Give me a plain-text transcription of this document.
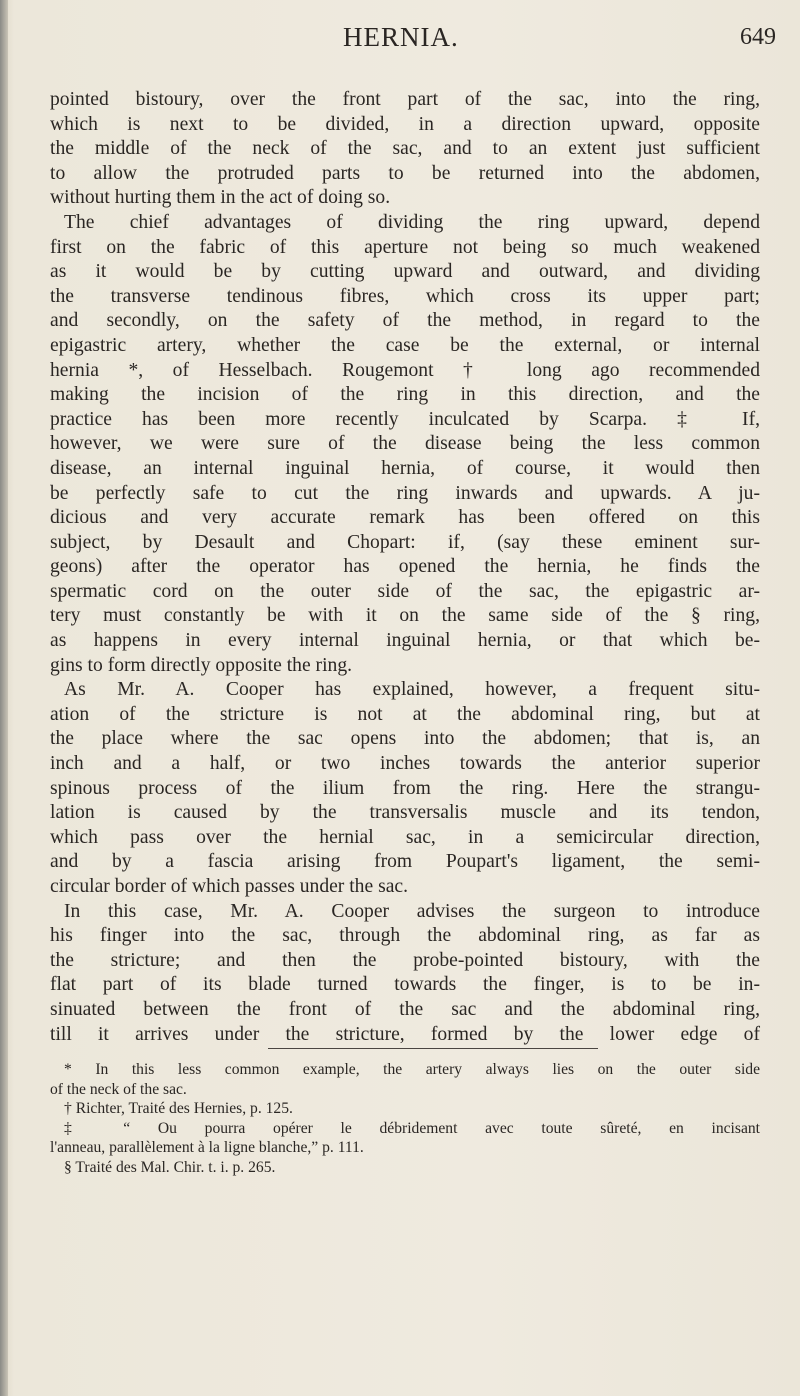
HERNIA.	649
pointed bistoury, over the front part of the sac, into the ring,
which is next to be divided, in a direction upward, opposite
the middle of the neck of the sac, and to an extent just sufficient
to allow the protruded parts to be returned into the abdomen,
without hurting them in the act of doing so.
The chief advantages of dividing the ring upward, depend
first on the fabric of this aperture not being so much weakened
as it would be by cutting upward and outward, and dividing
the transverse tendinous fibres, which cross its upper part;
and secondly, on the safety of the method, in regard to the
epigastric artery, whether the case be the external, or internal
hernia *, of Hesselbach. Rougemont † long ago recommended
making the incision of the ring in this direction, and the
practice has been more recently inculcated by Scarpa. ‡ If,
however, we were sure of the disease being the less common
disease, an internal inguinal hernia, of course, it would then
be perfectly safe to cut the ring inwards and upwards. A ju-
dicious and very accurate remark has been offered on this
subject, by Desault and Chopart: if, (say these eminent sur-
geons) after the operator has opened the hernia, he finds the
spermatic cord on the outer side of the sac, the epigastric ar-
tery must constantly be with it on the same side of the § ring,
as happens in every internal inguinal hernia, or that which be-
gins to form directly opposite the ring.
As Mr. A. Cooper has explained, however, a frequent situ-
ation of the stricture is not at the abdominal ring, but at
the place where the sac opens into the abdomen; that is, an
inch and a half, or two inches towards the anterior superior
spinous process of the ilium from the ring. Here the strangu-
lation is caused by the transversalis muscle and its tendon,
which pass over the hernial sac, in a semicircular direction,
and by a fascia arising from Poupart's ligament, the semi-
circular border of which passes under the sac.
In this case, Mr. A. Cooper advises the surgeon to introduce
his finger into the sac, through the abdominal ring, as far as
the stricture; and then the probe-pointed bistoury, with the
flat part of its blade turned towards the finger, is to be in-
sinuated between the front of the sac and the abdominal ring,
till it arrives under the stricture, formed by the lower edge of
* In this less common example, the artery always lies on the outer side
of the neck of the sac.
† Richter, Traité des Hernies, p. 125.
‡ “ Ou pourra opérer le débridement avec toute sûreté, en incisant
l'anneau, parallèlement à la ligne blanche,” p. 111.
§ Traité des Mal. Chir. t. i. p. 265.
